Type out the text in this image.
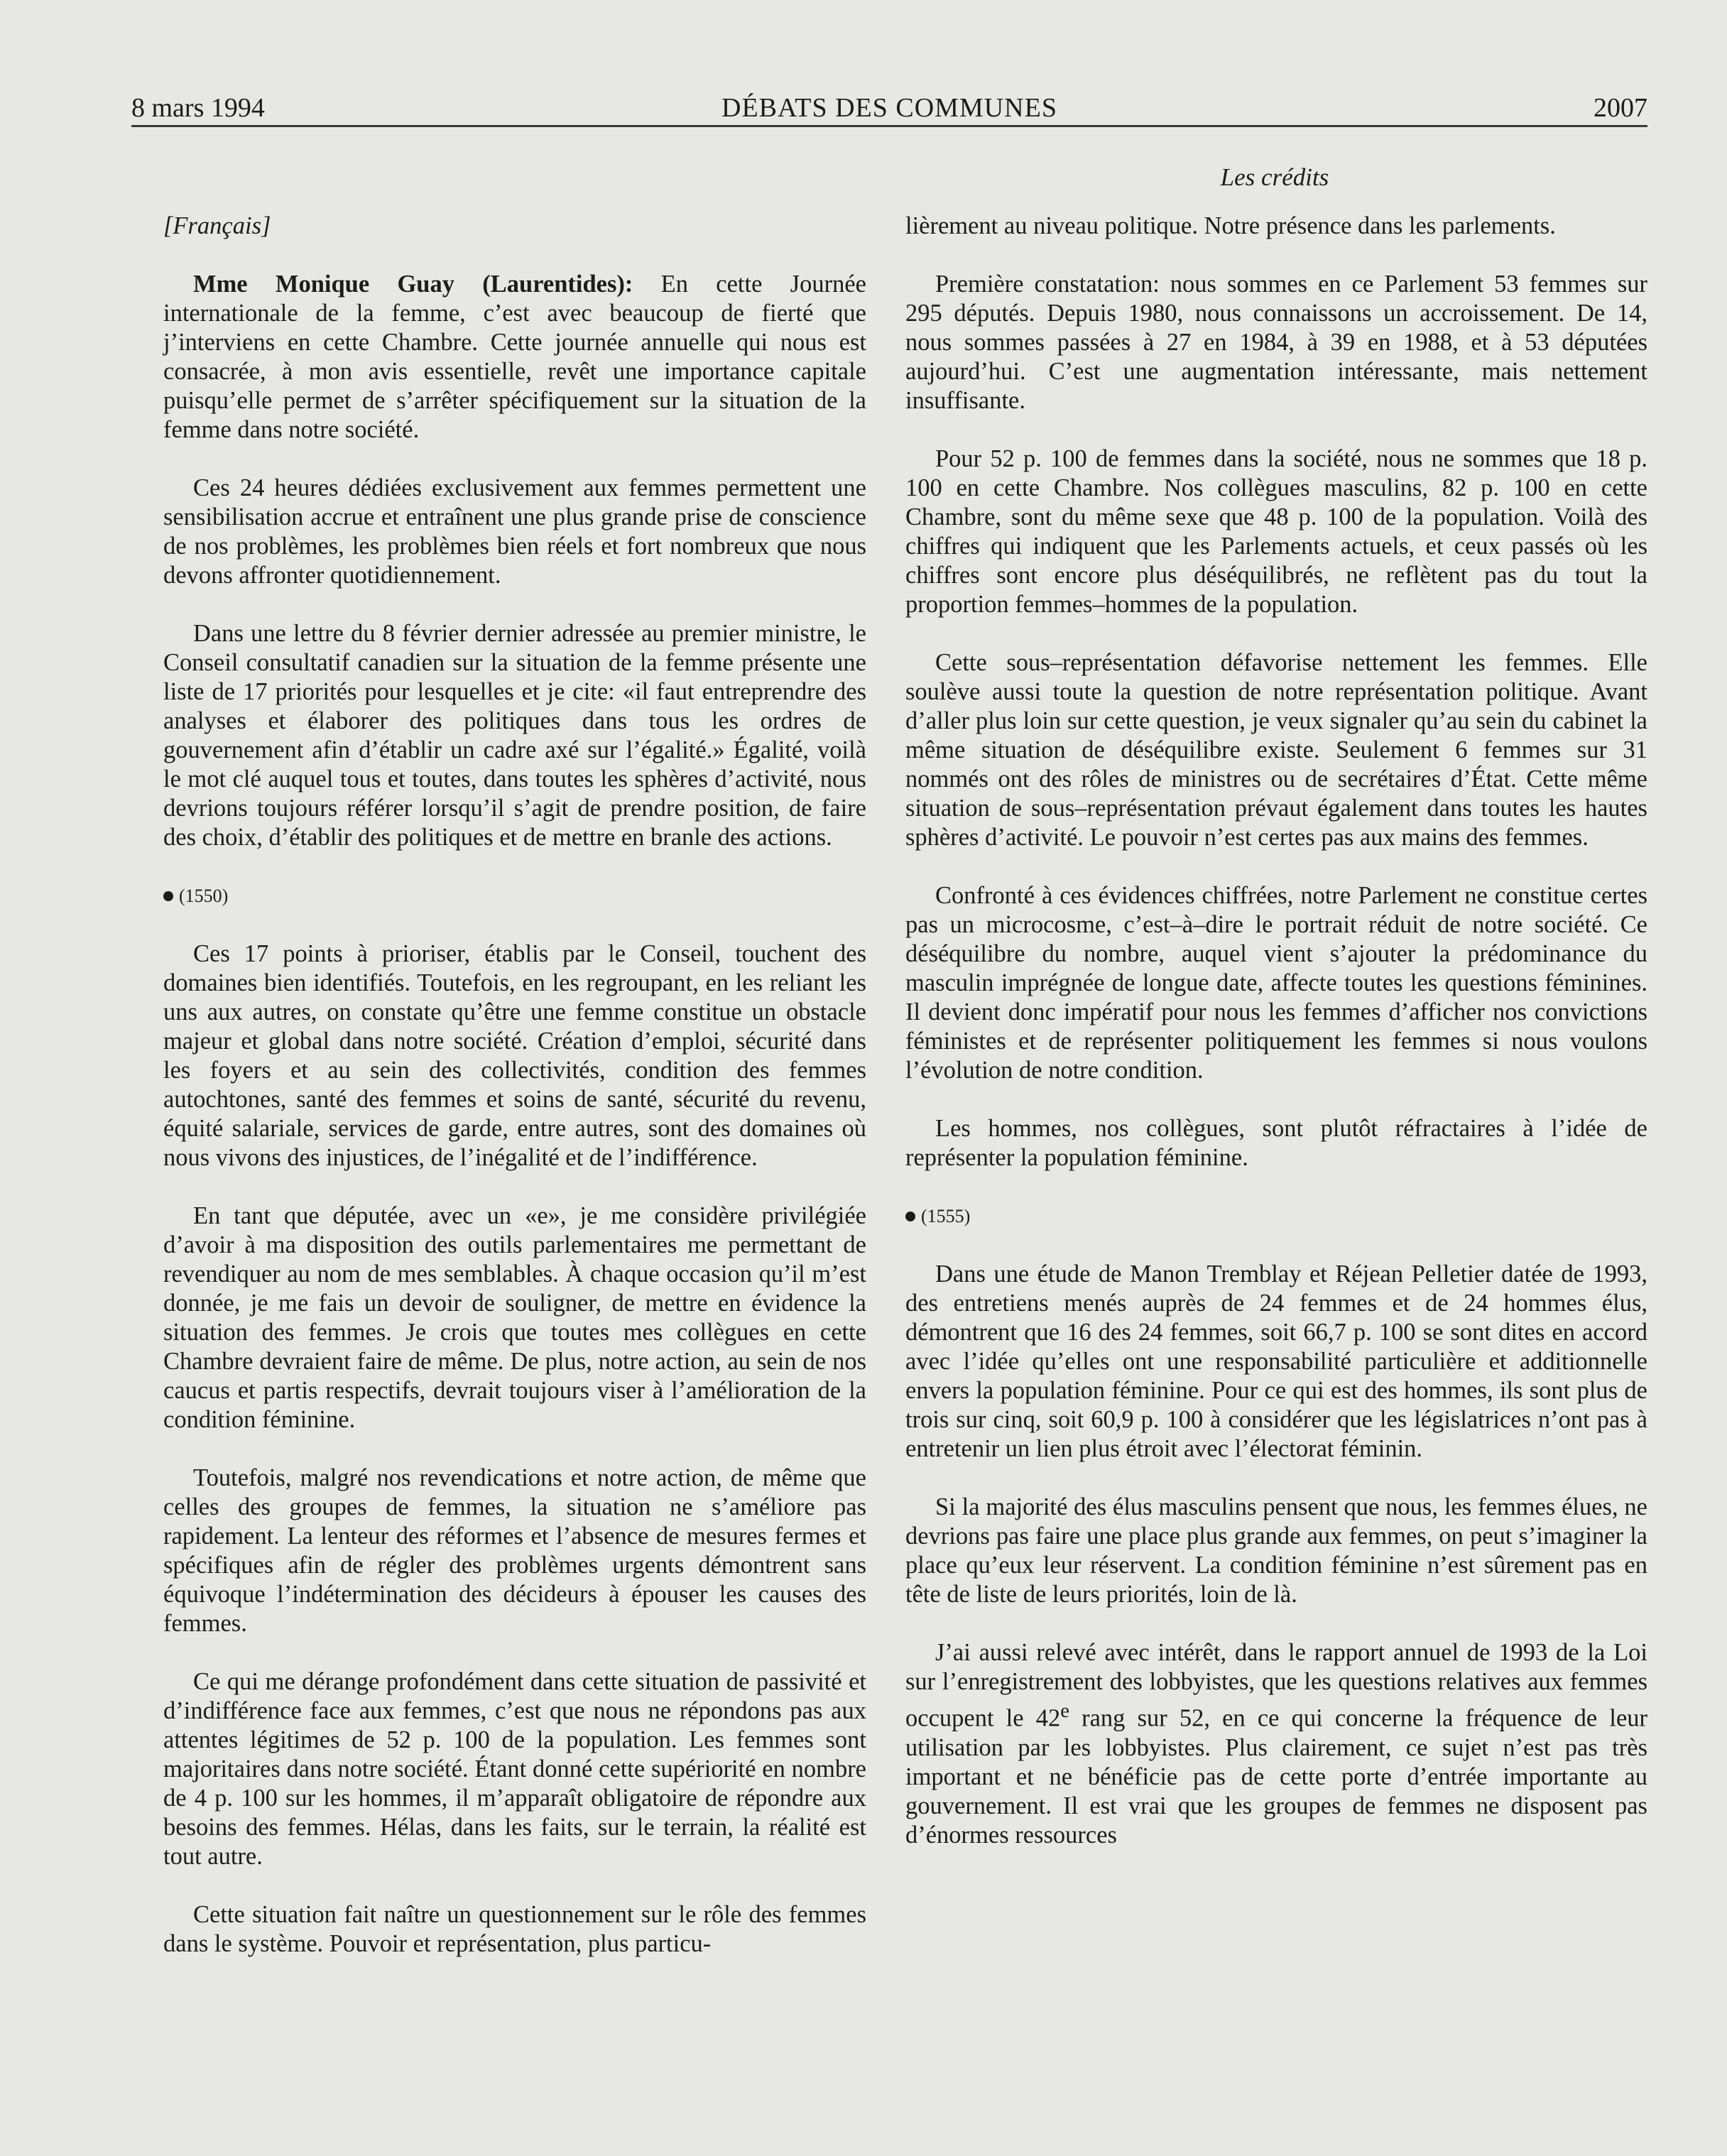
8 mars 1994	DÉBATS DES COMMUNES	2007
Les crédits
[Français]

Mme Monique Guay (Laurentides): En cette Journée internationale de la femme, c’est avec beaucoup de fierté que j’interviens en cette Chambre. Cette journée annuelle qui nous est consacrée, à mon avis essentielle, revêt une importance capitale puisqu’elle permet de s’arrêter spécifiquement sur la situation de la femme dans notre société.

Ces 24 heures dédiées exclusivement aux femmes permettent une sensibilisation accrue et entraînent une plus grande prise de conscience de nos problèmes, les problèmes bien réels et fort nombreux que nous devons affronter quotidiennement.

Dans une lettre du 8 février dernier adressée au premier ministre, le Conseil consultatif canadien sur la situation de la femme présente une liste de 17 priorités pour lesquelles et je cite: «il faut entreprendre des analyses et élaborer des politiques dans tous les ordres de gouvernement afin d’établir un cadre axé sur l’égalité.» Égalité, voilà le mot clé auquel tous et toutes, dans toutes les sphères d’activité, nous devrions toujours référer lorsqu’il s’agit de prendre position, de faire des choix, d’établir des politiques et de mettre en branle des actions.

(1550)

Ces 17 points à prioriser, établis par le Conseil, touchent des domaines bien identifiés. Toutefois, en les regroupant, en les reliant les uns aux autres, on constate qu’être une femme constitue un obstacle majeur et global dans notre société. Création d’emploi, sécurité dans les foyers et au sein des collectivités, condition des femmes autochtones, santé des femmes et soins de santé, sécurité du revenu, équité salariale, services de garde, entre autres, sont des domaines où nous vivons des injustices, de l’inégalité et de l’indifférence.

En tant que députée, avec un «e», je me considère privilégiée d’avoir à ma disposition des outils parlementaires me permettant de revendiquer au nom de mes semblables. À chaque occasion qu’il m’est donnée, je me fais un devoir de souligner, de mettre en évidence la situation des femmes. Je crois que toutes mes collègues en cette Chambre devraient faire de même. De plus, notre action, au sein de nos caucus et partis respectifs, devrait toujours viser à l’amélioration de la condition féminine.

Toutefois, malgré nos revendications et notre action, de même que celles des groupes de femmes, la situation ne s’améliore pas rapidement. La lenteur des réformes et l’absence de mesures fermes et spécifiques afin de régler des problèmes urgents démontrent sans équivoque l’indétermination des décideurs à épouser les causes des femmes.

Ce qui me dérange profondément dans cette situation de passivité et d’indifférence face aux femmes, c’est que nous ne répondons pas aux attentes légitimes de 52 p. 100 de la population. Les femmes sont majoritaires dans notre société. Étant donné cette supériorité en nombre de 4 p. 100 sur les hommes, il m’apparaît obligatoire de répondre aux besoins des femmes. Hélas, dans les faits, sur le terrain, la réalité est tout autre.

Cette situation fait naître un questionnement sur le rôle des femmes dans le système. Pouvoir et représentation, plus particu-

lièrement au niveau politique. Notre présence dans les parlements.

Première constatation: nous sommes en ce Parlement 53 femmes sur 295 députés. Depuis 1980, nous connaissons un accroissement. De 14, nous sommes passées à 27 en 1984, à 39 en 1988, et à 53 députées aujourd’hui. C’est une augmentation intéressante, mais nettement insuffisante.

Pour 52 p. 100 de femmes dans la société, nous ne sommes que 18 p. 100 en cette Chambre. Nos collègues masculins, 82 p. 100 en cette Chambre, sont du même sexe que 48 p. 100 de la population. Voilà des chiffres qui indiquent que les Parlements actuels, et ceux passés où les chiffres sont encore plus déséquilibrés, ne reflètent pas du tout la proportion femmes–hommes de la population.

Cette sous–représentation défavorise nettement les femmes. Elle soulève aussi toute la question de notre représentation politique. Avant d’aller plus loin sur cette question, je veux signaler qu’au sein du cabinet la même situation de déséquilibre existe. Seulement 6 femmes sur 31 nommés ont des rôles de ministres ou de secrétaires d’État. Cette même situation de sous–représentation prévaut également dans toutes les hautes sphères d’activité. Le pouvoir n’est certes pas aux mains des femmes.

Confronté à ces évidences chiffrées, notre Parlement ne constitue certes pas un microcosme, c’est–à–dire le portrait réduit de notre société. Ce déséquilibre du nombre, auquel vient s’ajouter la prédominance du masculin imprégnée de longue date, affecte toutes les questions féminines. Il devient donc impératif pour nous les femmes d’afficher nos convictions féministes et de représenter politiquement les femmes si nous voulons l’évolution de notre condition.

Les hommes, nos collègues, sont plutôt réfractaires à l’idée de représenter la population féminine.

(1555)

Dans une étude de Manon Tremblay et Réjean Pelletier datée de 1993, des entretiens menés auprès de 24 femmes et de 24 hommes élus, démontrent que 16 des 24 femmes, soit 66,7 p. 100 se sont dites en accord avec l’idée qu’elles ont une responsabilité particulière et additionnelle envers la population féminine. Pour ce qui est des hommes, ils sont plus de trois sur cinq, soit 60,9 p. 100 à considérer que les législatrices n’ont pas à entretenir un lien plus étroit avec l’électorat féminin.

Si la majorité des élus masculins pensent que nous, les femmes élues, ne devrions pas faire une place plus grande aux femmes, on peut s’imaginer la place qu’eux leur réservent. La condition féminine n’est sûrement pas en tête de liste de leurs priorités, loin de là.

J’ai aussi relevé avec intérêt, dans le rapport annuel de 1993 de la Loi sur l’enregistrement des lobbyistes, que les questions relatives aux femmes occupent le 42e rang sur 52, en ce qui concerne la fréquence de leur utilisation par les lobbyistes. Plus clairement, ce sujet n’est pas très important et ne bénéficie pas de cette porte d’entrée importante au gouvernement. Il est vrai que les groupes de femmes ne disposent pas d’énormes ressources
